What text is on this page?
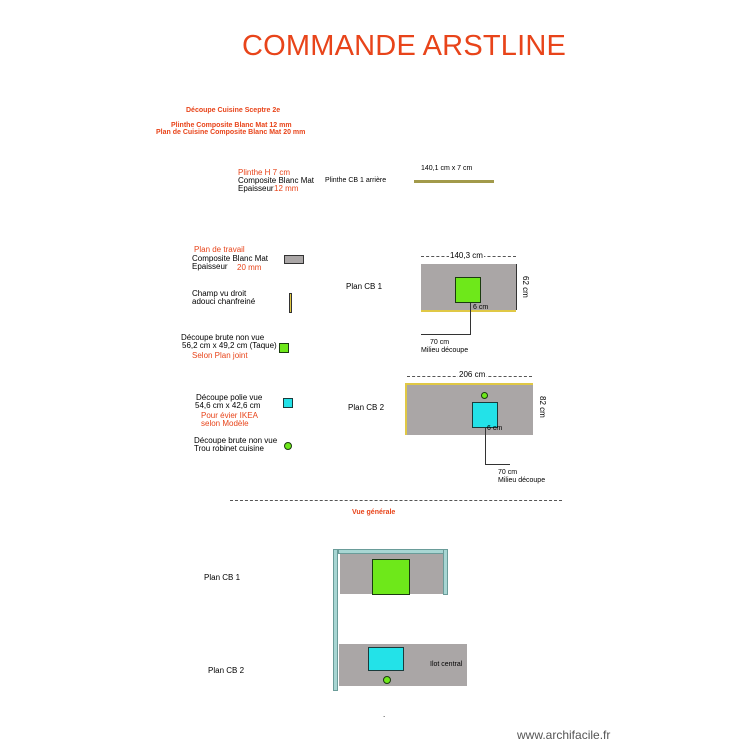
COMMANDE ARSTLINE
Découpe Cuisine Sceptre 2e
Plinthe Composite Blanc Mat 12 mm
Plan de Cuisine Composite Blanc Mat 20 mm
Plinthe H 7 cm
Composite Blanc Mat
Epaisseur 12 mm
Plinthe CB 1 arrière
140,1 cm x 7 cm
Plan de travail
Composite Blanc Mat
Epaisseur 20 mm
Champ vu droit
adouci chanfreiné
Découpe brute non vue
56,2 cm x 49,2 cm (Taque)
Selon Plan joint
Découpe polie vue
54,6 cm x 42,6 cm
Pour évier IKEA
selon Modèle
Découpe brute non vue
Trou robinet cuisine
Plan CB 1
140,3 cm
6 cm
70 cm
Milieu découpe
62 cm
Plan CB 2
206 cm
6 cm
70 cm
Milieu découpe
82 cm
Vue générale
Ilot central
Plan CB 1
Plan CB 2
.
www.archifacile.fr
